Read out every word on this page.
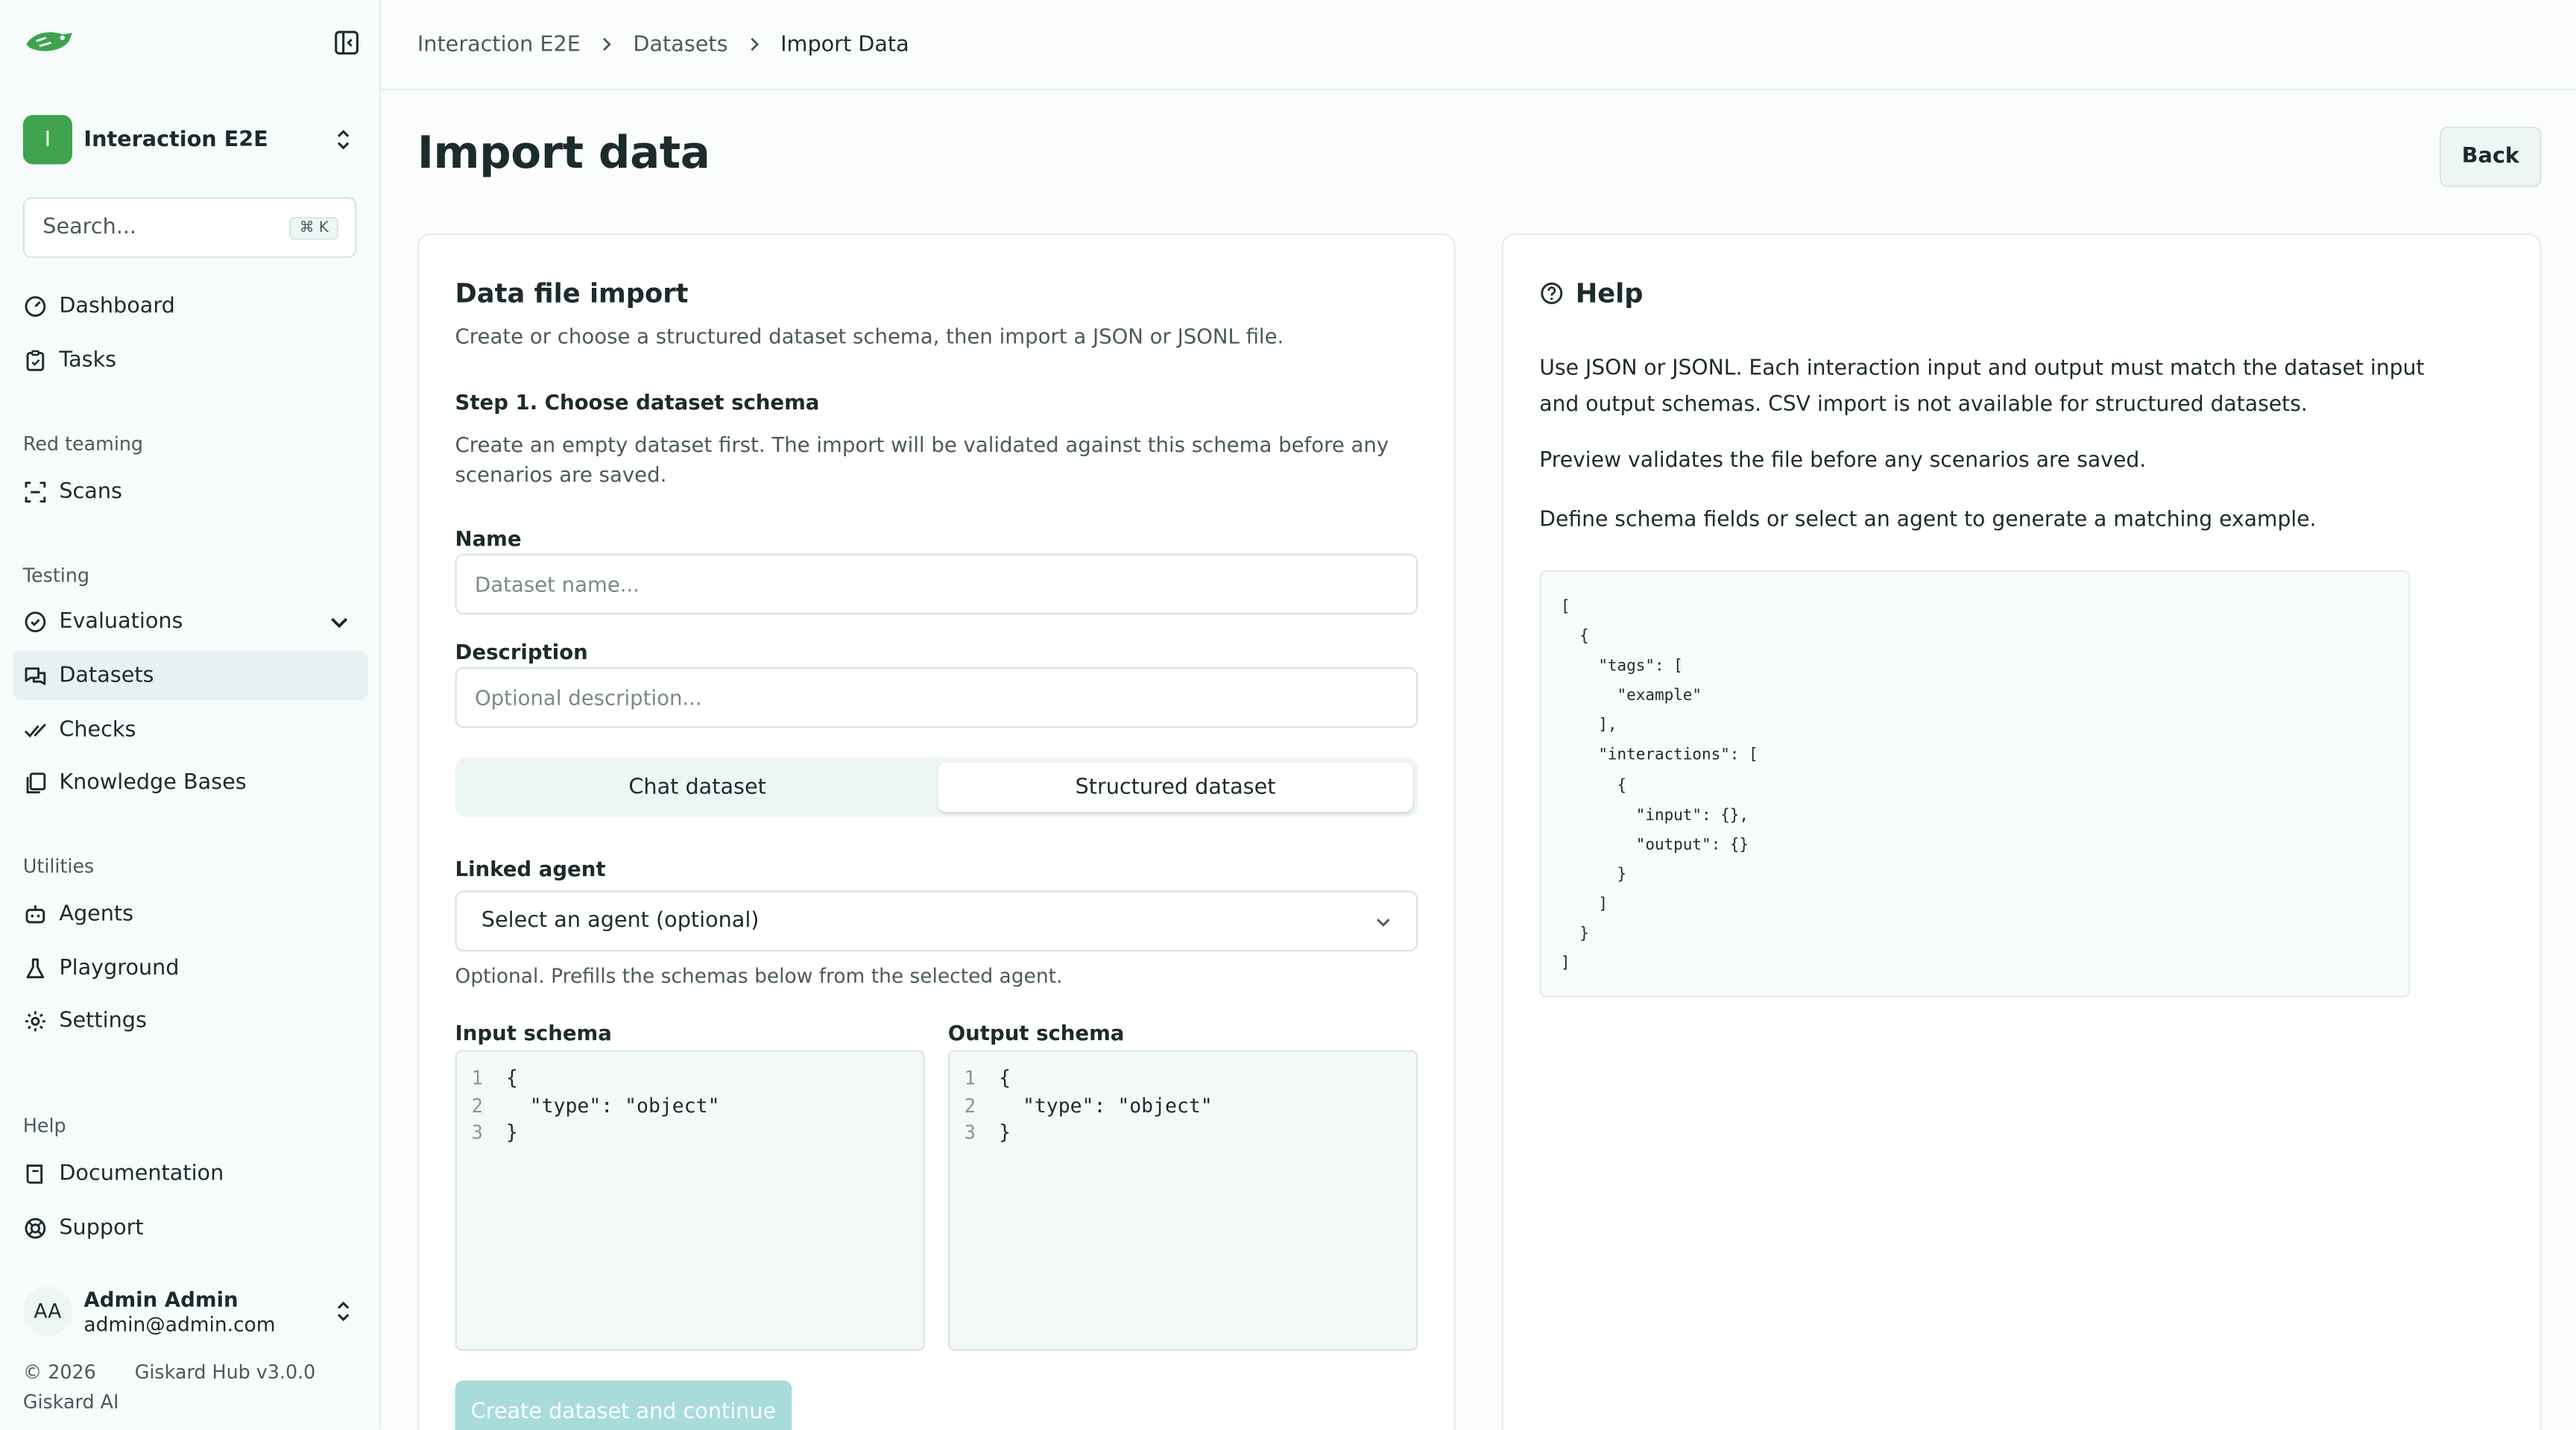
I	Interaction E2E
Search...	⌘ K
Dashboard
Tasks
Red teaming
Scans
Testing
Evaluations
Datasets
Checks
Knowledge Bases
Utilities
Agents
Playground
Settings
Help
Documentation
Support
AA	Admin Admin
admin@admin.com
© 2026	Giskard Hub v3.0.0
Giskard AI
Interaction E2E	Datasets	Import Data
Import data	Back
Data file import
Create or choose a structured dataset schema, then import a JSON or JSONL file.
Step 1. Choose dataset schema
Create an empty dataset first. The import will be validated against this schema before any scenarios are saved.
Name
Dataset name...
Description
Optional description...
Chat dataset	Structured dataset
Linked agent
Select an agent (optional)
Optional. Prefills the schemas below from the selected agent.
Input schema
1	{
2	"type": "object"
3	}
Output schema
1	{
2	"type": "object"
3	}
Create dataset and continue
Help
Use JSON or JSONL. Each interaction input and output must match the dataset input and output schemas. CSV import is not available for structured datasets.
Preview validates the file before any scenarios are saved.
Define schema fields or select an agent to generate a matching example.
[
{
"tags": [
"example"
],
"interactions": [
{
"input": {},
"output": {}
}
]
}
]
